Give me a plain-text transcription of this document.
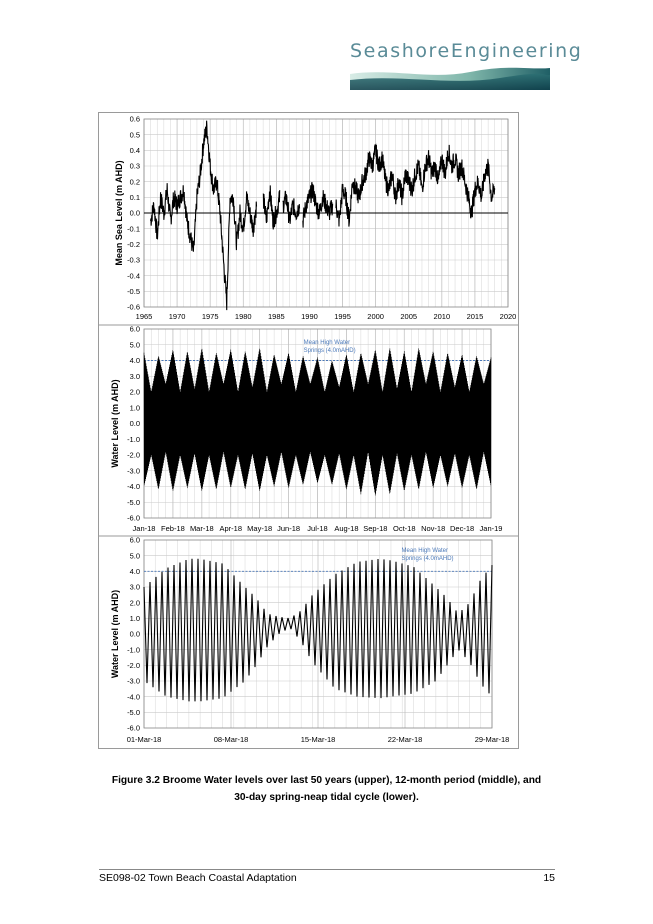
SeashoreEngineering
0.6
0.5
0.4
0.3
0.2
0.1
0.0
-0.1
-0.2
-0.3
-0.4
-0.5
-0.6
1965 1970 1975 1980 1985 1990 1995 2000 2005 2010 2015 2020
Mean Sea Level (m AHD)
6.0
5.0
4.0
3.0
2.0
1.0
0.0
-1.0
-2.0
-3.0
-4.0
-5.0
-6.0
Jan-18 Feb-18 Mar-18 Apr-18 May-18 Jun-18 Jul-18 Aug-18 Sep-18 Oct-18 Nov-18 Dec-18 Jan-19
Water Level (m AHD)
Mean High Water Springs (4.0mAHD)
6.0
5.0
4.0
3.0
2.0
1.0
0.0
-1.0
-2.0
-3.0
-4.0
-5.0
-6.0
01-Mar-18	08-Mar-18	15-Mar-18	22-Mar-18	29-Mar-18
Water Level (m AHD)
Mean High Water Springs (4.0mAHD)
Figure 3.2 Broome Water levels over last 50 years (upper), 12-month period (middle), and
30-day spring-neap tidal cycle (lower).
SE098-02 Town Beach Coastal Adaptation	15
